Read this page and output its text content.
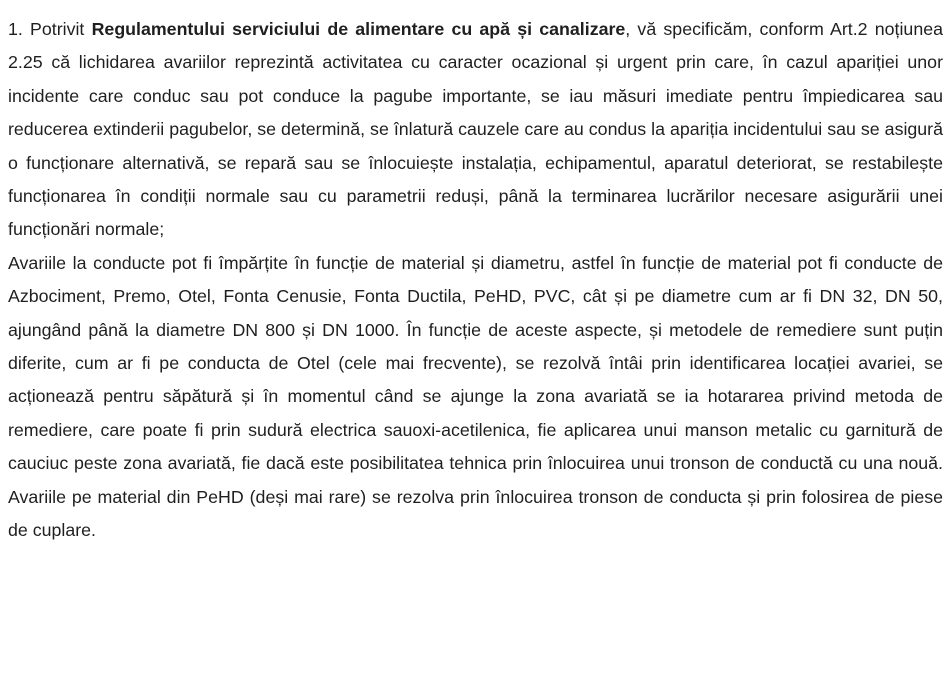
1. Potrivit Regulamentului serviciului de alimentare cu apă și canalizare, vă specificăm, conform Art.2 noțiunea 2.25 că lichidarea avariilor reprezintă activitatea cu caracter ocazional și urgent prin care, în cazul apariției unor incidente care conduc sau pot conduce la pagube importante, se iau măsuri imediate pentru împiedicarea sau reducerea extinderii pagubelor, se determină, se înlatură cauzele care au condus la apariția incidentului sau se asigură o funcționare alternativă, se repară sau se înlocuiește instalația, echipamentul, aparatul deteriorat, se restabilește funcționarea în condiții normale sau cu parametrii reduși, până la terminarea lucrărilor necesare asigurării unei funcționări normale;

Avariile la conducte pot fi împărțite în funcție de material și diametru, astfel în funcție de material pot fi conducte de Azbociment, Premo, Otel, Fonta Cenusie, Fonta Ductila, PeHD, PVC, cât și pe diametre cum ar fi DN 32, DN 50, ajungând până la diametre DN 800 și DN 1000. În funcție de aceste aspecte, și metodele de remediere sunt puțin diferite, cum ar fi pe conducta de Otel (cele mai frecvente), se rezolvă întâi prin identificarea locației avariei, se acționează pentru săpătură și în momentul când se ajunge la zona avariată se ia hotararea privind metoda de remediere, care poate fi prin sudură electrica sauoxi-acetilenica, fie aplicarea unui manson metalic cu garnitură de cauciuc peste zona avariată, fie dacă este posibilitatea tehnica prin înlocuirea unui tronson de conductă cu una nouă. Avariile pe material din PeHD (deși mai rare) se rezolva prin înlocuirea tronson de conducta și prin folosirea de piese de cuplare.
